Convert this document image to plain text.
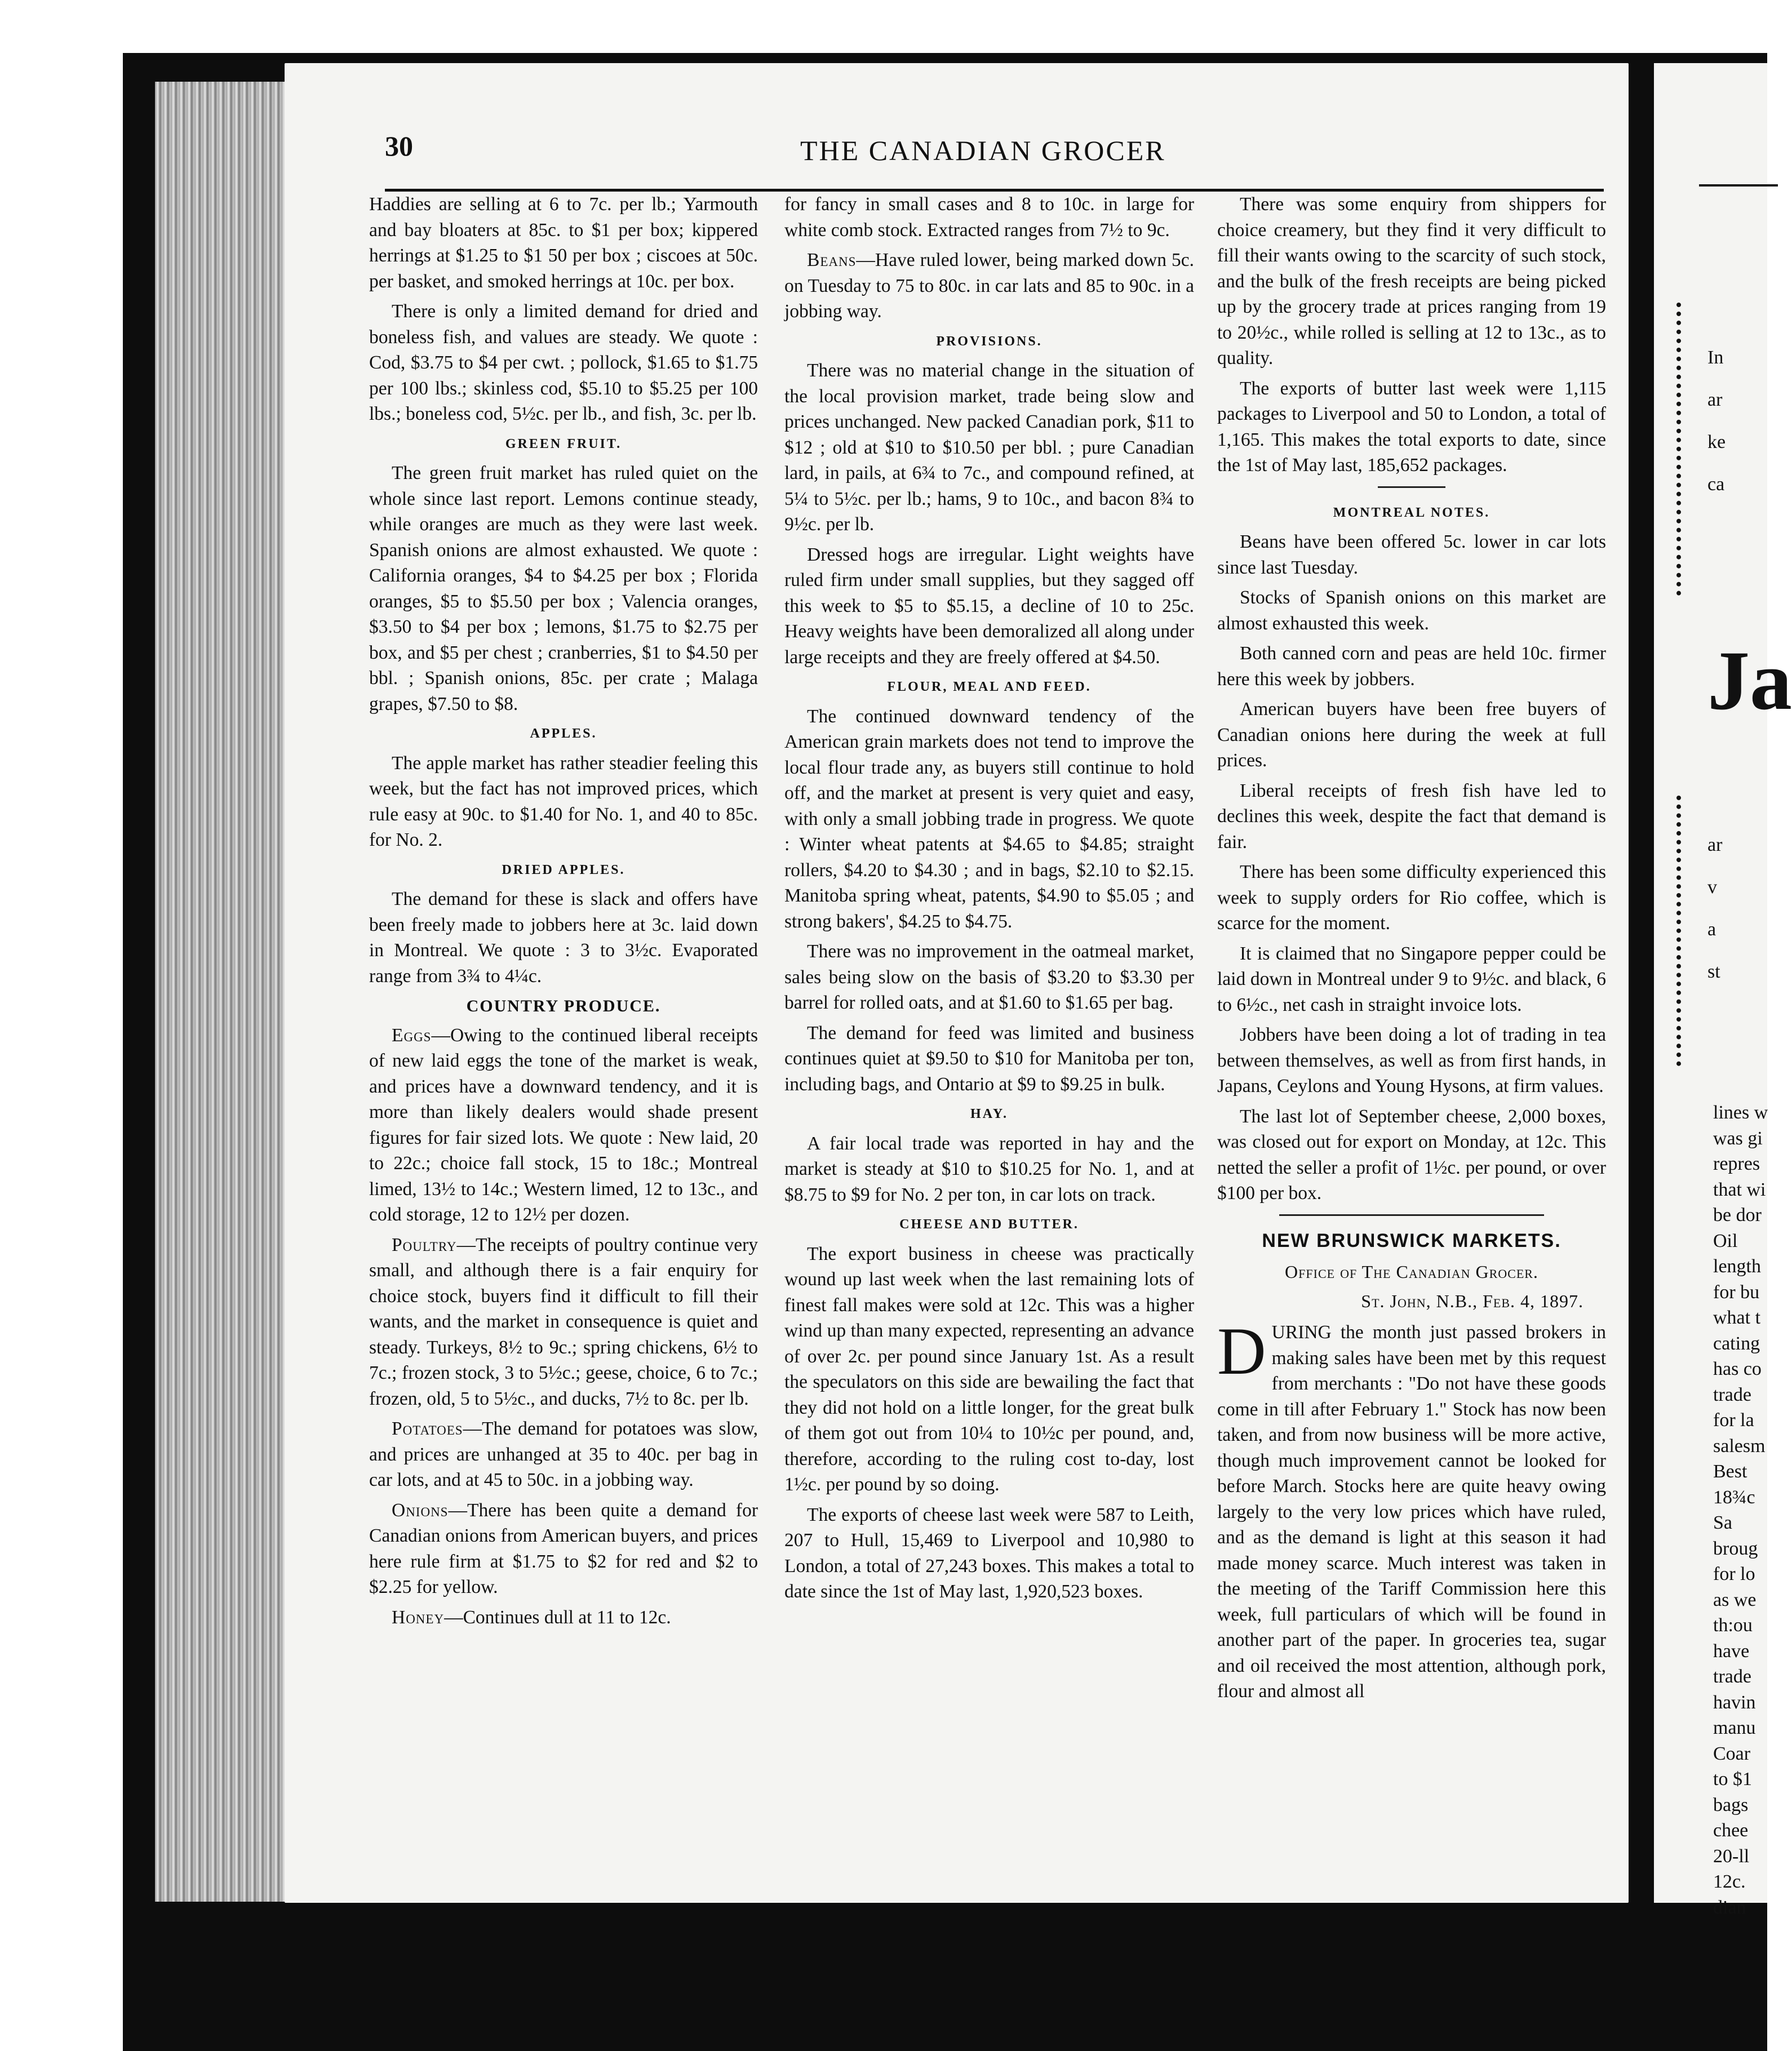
In
ar
ke
ca
Ja
ar
v
a
st
lines w
was gi
repres
that wi
be dor
Oil
length
for bu
what t
cating
has co
trade
for la
salesm
Best
18¾c
Sa
broug
for lo
as we
th:ou
have
trade
havin
manu
Coar
to $1
bags
chee
20-ll
12c.
dian
30	THE CANADIAN GROCER

Haddies are selling at 6 to 7c. per lb.; Yarmouth and bay bloaters at 85c. to $1 per box; kippered herrings at $1.25 to $1 50 per box ; ciscoes at 50c. per basket, and smoked herrings at 10c. per box.

There is only a limited demand for dried and boneless fish, and values are steady. We quote : Cod, $3.75 to $4 per cwt. ; pollock, $1.65 to $1.75 per 100 lbs.; skinless cod, $5.10 to $5.25 per 100 lbs.; boneless cod, 5½c. per lb., and fish, 3c. per lb.

GREEN FRUIT.

The green fruit market has ruled quiet on the whole since last report. Lemons continue steady, while oranges are much as they were last week. Spanish onions are almost exhausted. We quote : California oranges, $4 to $4.25 per box ; Florida oranges, $5 to $5.50 per box ; Valencia oranges, $3.50 to $4 per box ; lemons, $1.75 to $2.75 per box, and $5 per chest ; cranberries, $1 to $4.50 per bbl. ; Spanish onions, 85c. per crate ; Malaga grapes, $7.50 to $8.

APPLES.

The apple market has rather steadier feeling this week, but the fact has not improved prices, which rule easy at 90c. to $1.40 for No. 1, and 40 to 85c. for No. 2.

DRIED APPLES.

The demand for these is slack and offers have been freely made to jobbers here at 3c. laid down in Montreal. We quote : 3 to 3½c. Evaporated range from 3¾ to 4¼c.

COUNTRY PRODUCE.

Eggs—Owing to the continued liberal receipts of new laid eggs the tone of the market is weak, and prices have a downward tendency, and it is more than likely dealers would shade present figures for fair sized lots. We quote : New laid, 20 to 22c.; choice fall stock, 15 to 18c.; Montreal limed, 13½ to 14c.; Western limed, 12 to 13c., and cold storage, 12 to 12½ per dozen.

Poultry—The receipts of poultry continue very small, and although there is a fair enquiry for choice stock, buyers find it difficult to fill their wants, and the market in consequence is quiet and steady. Turkeys, 8½ to 9c.; spring chickens, 6½ to 7c.; frozen stock, 3 to 5½c.; geese, choice, 6 to 7c.; frozen, old, 5 to 5½c., and ducks, 7½ to 8c. per lb.

Potatoes—The demand for potatoes was slow, and prices are unhanged at 35 to 40c. per bag in car lots, and at 45 to 50c. in a jobbing way.

Onions—There has been quite a demand for Canadian onions from American buyers, and prices here rule firm at $1.75 to $2 for red and $2 to $2.25 for yellow.

Honey—Continues dull at 11 to 12c.

for fancy in small cases and 8 to 10c. in large for white comb stock. Extracted ranges from 7½ to 9c.

Beans—Have ruled lower, being marked down 5c. on Tuesday to 75 to 80c. in car lats and 85 to 90c. in a jobbing way.

PROVISIONS.

There was no material change in the situation of the local provision market, trade being slow and prices unchanged. New packed Canadian pork, $11 to $12 ; old at $10 to $10.50 per bbl. ; pure Canadian lard, in pails, at 6¾ to 7c., and compound refined, at 5¼ to 5½c. per lb.; hams, 9 to 10c., and bacon 8¾ to 9½c. per lb.

Dressed hogs are irregular. Light weights have ruled firm under small supplies, but they sagged off this week to $5 to $5.15, a decline of 10 to 25c. Heavy weights have been demoralized all along under large receipts and they are freely offered at $4.50.

FLOUR, MEAL AND FEED.

The continued downward tendency of the American grain markets does not tend to improve the local flour trade any, as buyers still continue to hold off, and the market at present is very quiet and easy, with only a small jobbing trade in progress. We quote : Winter wheat patents at $4.65 to $4.85; straight rollers, $4.20 to $4.30 ; and in bags, $2.10 to $2.15. Manitoba spring wheat, patents, $4.90 to $5.05 ; and strong bakers', $4.25 to $4.75.

There was no improvement in the oatmeal market, sales being slow on the basis of $3.20 to $3.30 per barrel for rolled oats, and at $1.60 to $1.65 per bag.

The demand for feed was limited and business continues quiet at $9.50 to $10 for Manitoba per ton, including bags, and Ontario at $9 to $9.25 in bulk.

HAY.

A fair local trade was reported in hay and the market is steady at $10 to $10.25 for No. 1, and at $8.75 to $9 for No. 2 per ton, in car lots on track.

CHEESE AND BUTTER.

The export business in cheese was practically wound up last week when the last remaining lots of finest fall makes were sold at 12c. This was a higher wind up than many expected, representing an advance of over 2c. per pound since January 1st. As a result the speculators on this side are bewailing the fact that they did not hold on a little longer, for the great bulk of them got out from 10¼ to 10½c per pound, and, therefore, according to the ruling cost to-day, lost 1½c. per pound by so doing.

The exports of cheese last week were 587 to Leith, 207 to Hull, 15,469 to Liverpool and 10,980 to London, a total of 27,243 boxes. This makes a total to date since the 1st of May last, 1,920,523 boxes.

There was some enquiry from shippers for choice creamery, but they find it very difficult to fill their wants owing to the scarcity of such stock, and the bulk of the fresh receipts are being picked up by the grocery trade at prices ranging from 19 to 20½c., while rolled is selling at 12 to 13c., as to quality.

The exports of butter last week were 1,115 packages to Liverpool and 50 to London, a total of 1,165. This makes the total exports to date, since the 1st of May last, 185,652 packages.

MONTREAL NOTES.

Beans have been offered 5c. lower in car lots since last Tuesday.

Stocks of Spanish onions on this market are almost exhausted this week.

Both canned corn and peas are held 10c. firmer here this week by jobbers.

American buyers have been free buyers of Canadian onions here during the week at full prices.

Liberal receipts of fresh fish have led to declines this week, despite the fact that demand is fair.

There has been some difficulty experienced this week to supply orders for Rio coffee, which is scarce for the moment.

It is claimed that no Singapore pepper could be laid down in Montreal under 9 to 9½c. and black, 6 to 6½c., net cash in straight invoice lots.

Jobbers have been doing a lot of trading in tea between themselves, as well as from first hands, in Japans, Ceylons and Young Hysons, at firm values.

The last lot of September cheese, 2,000 boxes, was closed out for export on Monday, at 12c. This netted the seller a profit of 1½c. per pound, or over $100 per box.

NEW BRUNSWICK MARKETS.
Office of The Canadian Grocer.
St. John, N.B., Feb. 4, 1897.

DURING the month just passed brokers in making sales have been met by this request from merchants : "Do not have these goods come in till after February 1." Stock has now been taken, and from now business will be more active, though much improvement cannot be looked for before March. Stocks here are quite heavy owing largely to the very low prices which have ruled, and as the demand is light at this season it had made money scarce. Much interest was taken in the meeting of the Tariff Commission here this week, full particulars of which will be found in another part of the paper. In groceries tea, sugar and oil received the most attention, although pork, flour and almost all
